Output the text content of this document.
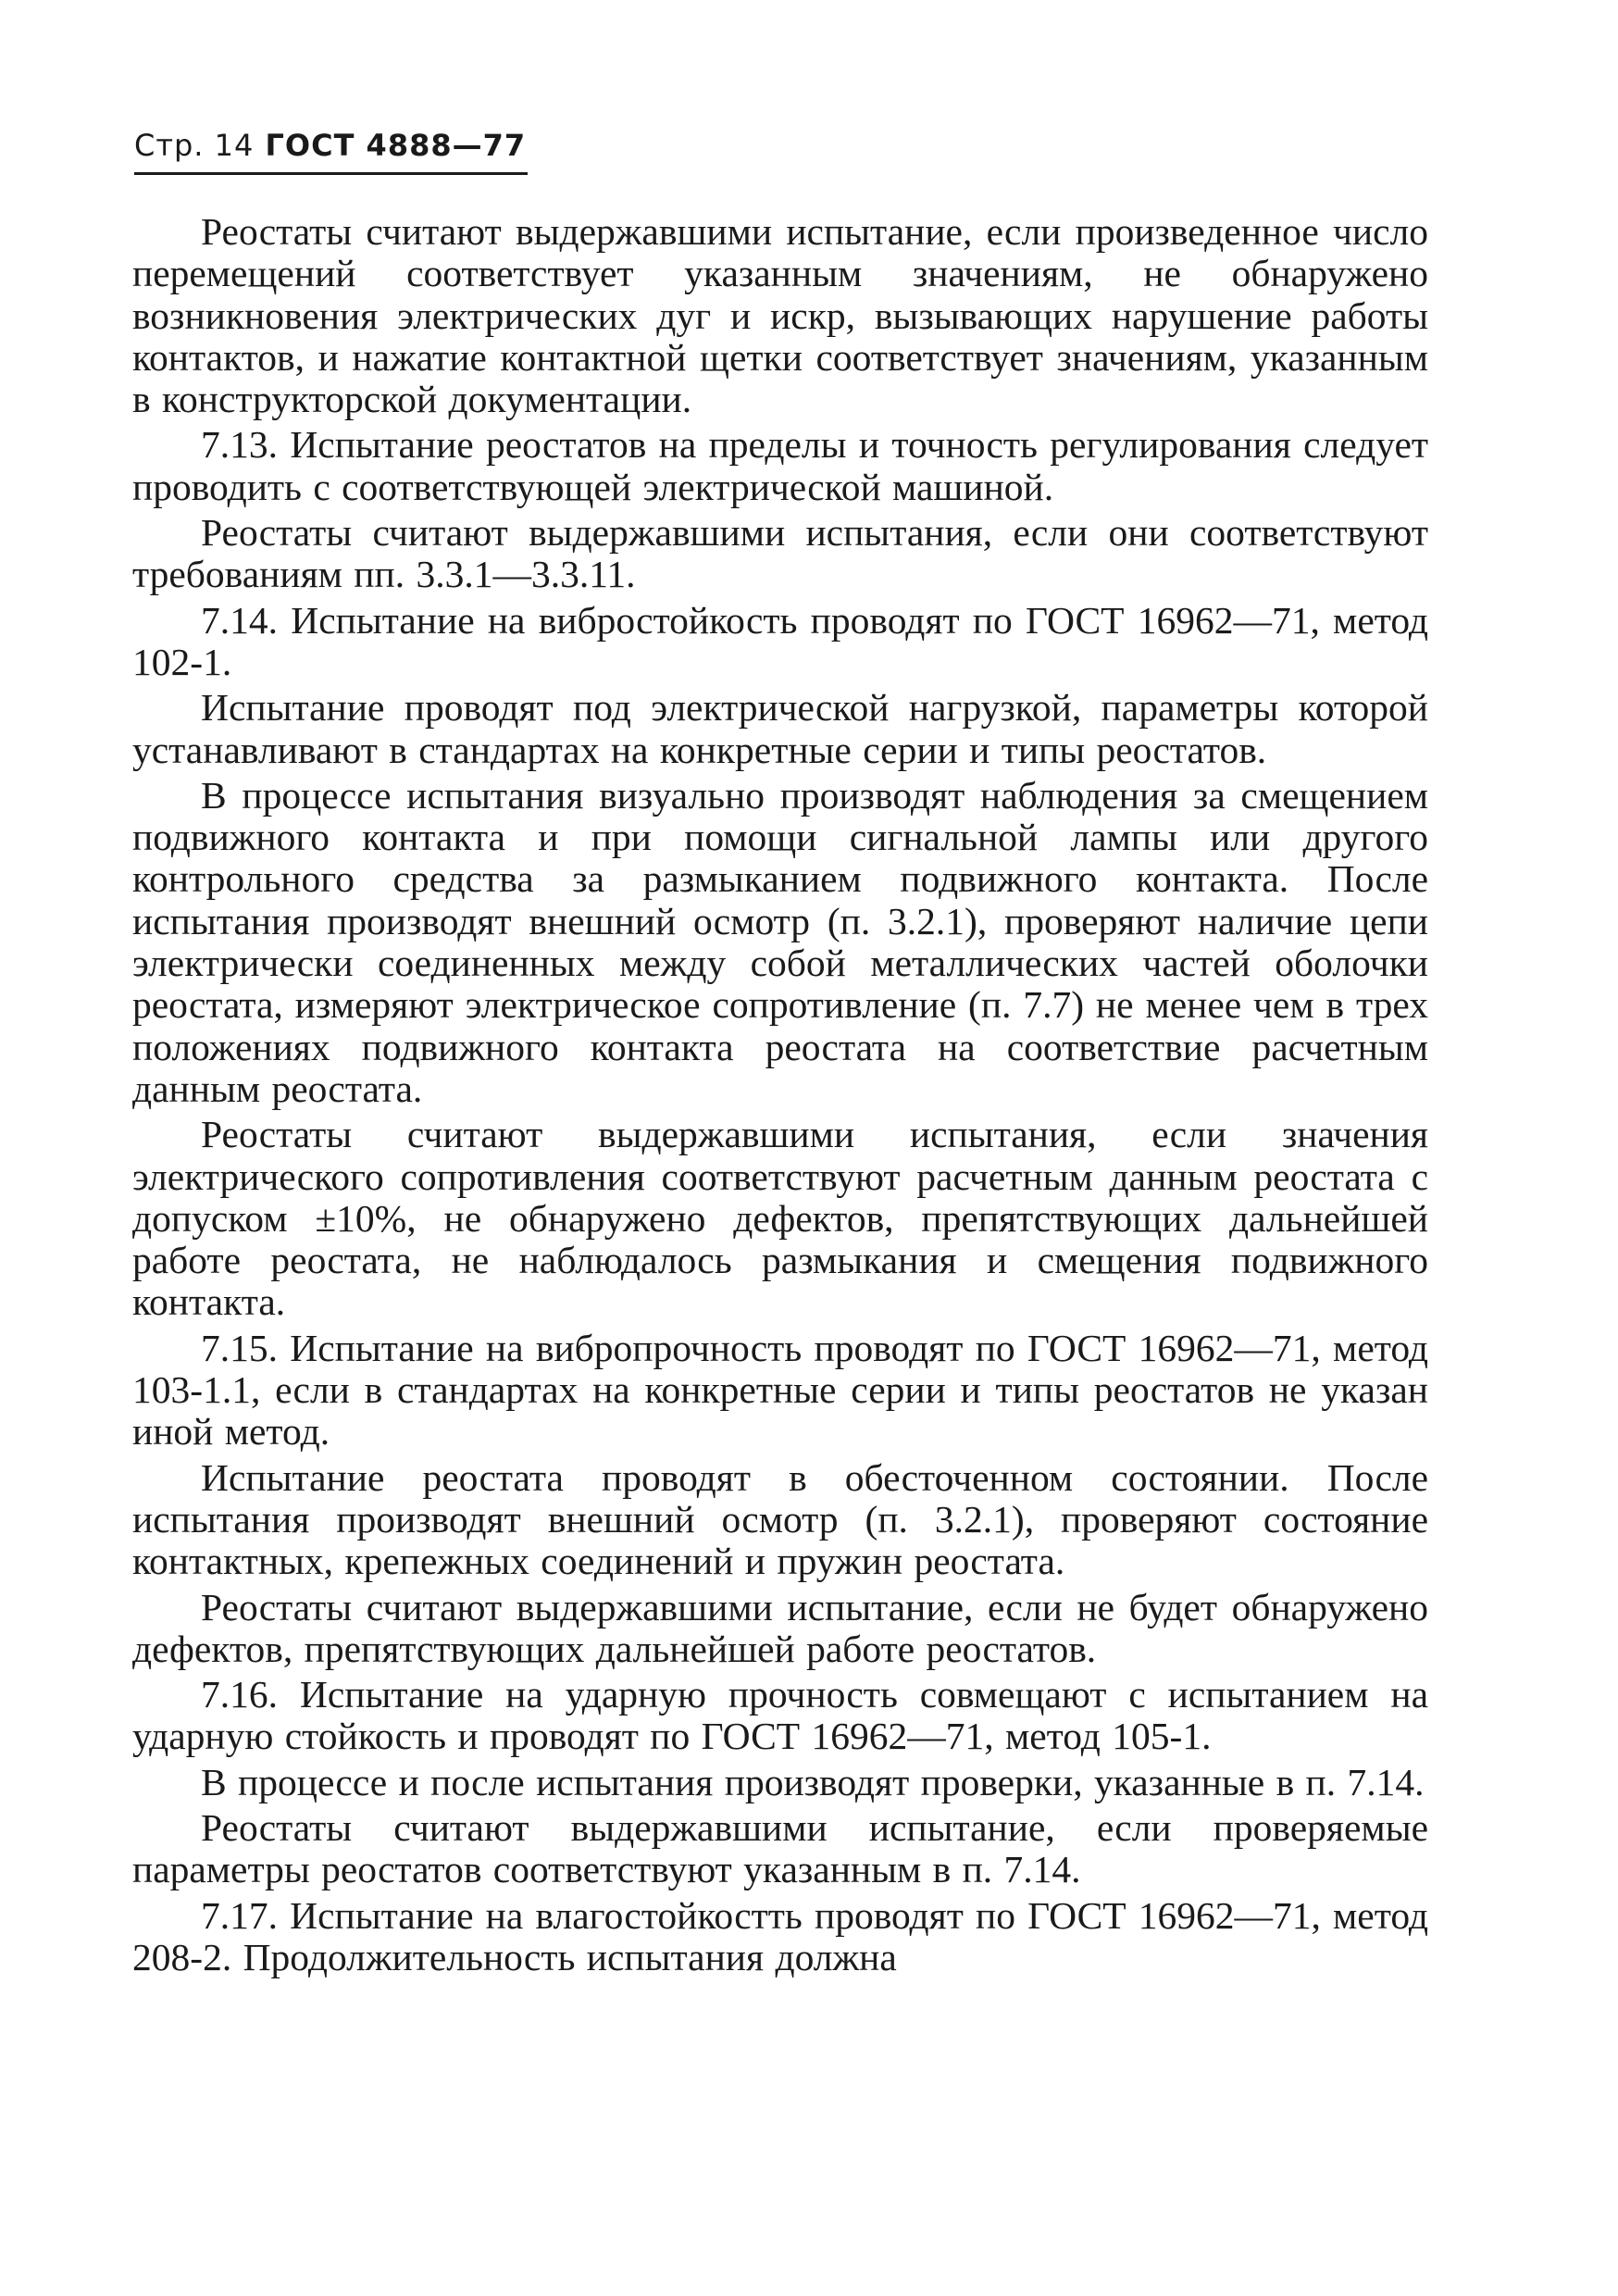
Стр. 14 ГОСТ 4888—77

Реостаты считают выдержавшими испытание, если произведенное число перемещений соответствует указанным значениям, не обнаружено возникновения электрических дуг и искр, вызывающих нарушение работы контактов, и нажатие контактной щетки соответствует значениям, указанным в конструкторской документации.

7.13. Испытание реостатов на пределы и точность регулирования следует проводить с соответствующей электрической машиной.

Реостаты считают выдержавшими испытания, если они соответствуют требованиям пп. 3.3.1—3.3.11.

7.14. Испытание на вибростойкость проводят по ГОСТ 16962—71, метод 102-1.

Испытание проводят под электрической нагрузкой, параметры которой устанавливают в стандартах на конкретные серии и типы реостатов.

В процессе испытания визуально производят наблюдения за смещением подвижного контакта и при помощи сигнальной лампы или другого контрольного средства за размыканием подвижного контакта. После испытания производят внешний осмотр (п. 3.2.1), проверяют наличие цепи электрически соединенных между собой металлических частей оболочки реостата, измеряют электрическое сопротивление (п. 7.7) не менее чем в трех положениях подвижного контакта реостата на соответствие расчетным данным реостата.

Реостаты считают выдержавшими испытания, если значения электрического сопротивления соответствуют расчетным данным реостата с допуском ±10%, не обнаружено дефектов, препятствующих дальнейшей работе реостата, не наблюдалось размыкания и смещения подвижного контакта.

7.15. Испытание на вибропрочность проводят по ГОСТ 16962—71, метод 103-1.1, если в стандартах на конкретные серии и типы реостатов не указан иной метод.

Испытание реостата проводят в обесточенном состоянии. После испытания производят внешний осмотр (п. 3.2.1), проверяют состояние контактных, крепежных соединений и пружин реостата.

Реостаты считают выдержавшими испытание, если не будет обнаружено дефектов, препятствующих дальнейшей работе реостатов.

7.16. Испытание на ударную прочность совмещают с испытанием на ударную стойкость и проводят по ГОСТ 16962—71, метод 105-1.

В процессе и после испытания производят проверки, указанные в п. 7.14.

Реостаты считают выдержавшими испытание, если проверяемые параметры реостатов соответствуют указанным в п. 7.14.

7.17. Испытание на влагостойкостть проводят по ГОСТ 16962—71, метод 208-2. Продолжительность испытания должна
